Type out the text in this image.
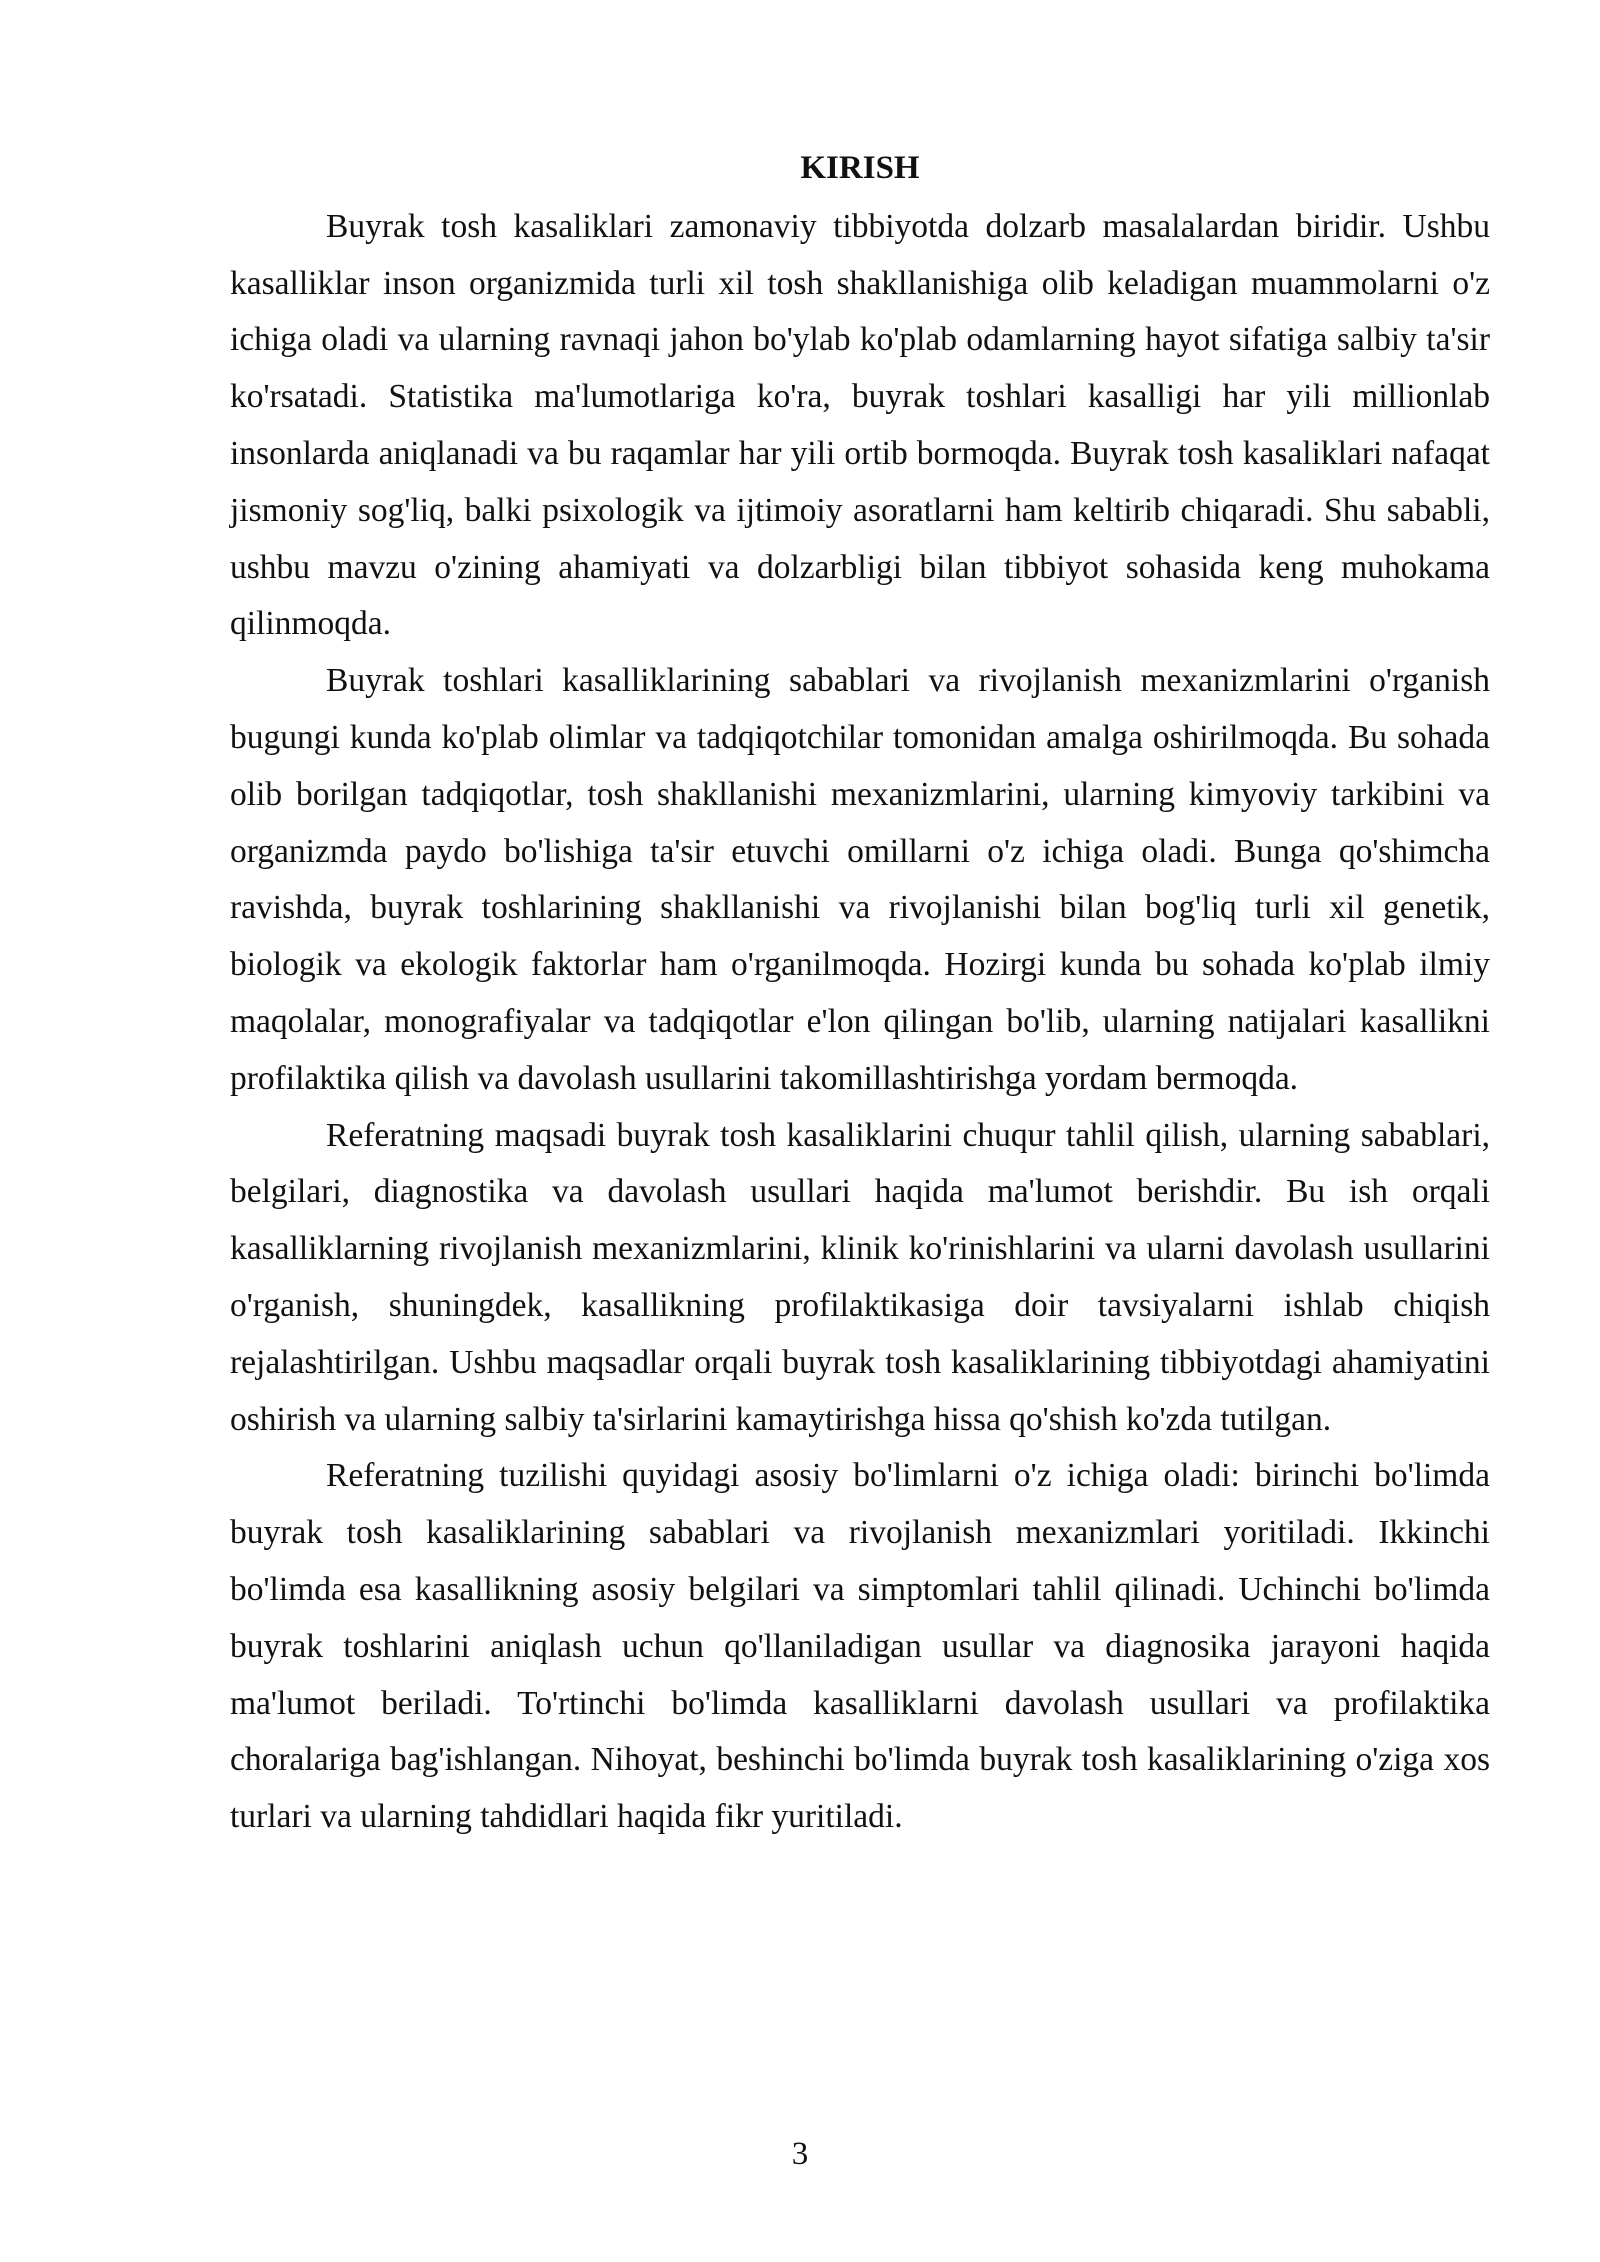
KIRISH

Buyrak tosh kasaliklari zamonaviy tibbiyotda dolzarb masalalardan biridir. Ushbu kasalliklar inson organizmida turli xil tosh shakllanishiga olib keladigan muammolarni o'z ichiga oladi va ularning ravnaqi jahon bo'ylab ko'plab odamlarning hayot sifatiga salbiy ta'sir ko'rsatadi. Statistika ma'lumotlariga ko'ra, buyrak toshlari kasalligi har yili millionlab insonlarda aniqlanadi va bu raqamlar har yili ortib bormoqda. Buyrak tosh kasaliklari nafaqat jismoniy sog'liq, balki psixologik va ijtimoiy asoratlarni ham keltirib chiqaradi. Shu sababli, ushbu mavzu o'zining ahamiyati va dolzarbligi bilan tibbiyot sohasida keng muhokama qilinmoqda.

Buyrak toshlari kasalliklarining sabablari va rivojlanish mexanizmlarini o'rganish bugungi kunda ko'plab olimlar va tadqiqotchilar tomonidan amalga oshirilmoqda. Bu sohada olib borilgan tadqiqotlar, tosh shakllanishi mexanizmlarini, ularning kimyoviy tarkibini va organizmda paydo bo'lishiga ta'sir etuvchi omillarni o'z ichiga oladi. Bunga qo'shimcha ravishda, buyrak toshlarining shakllanishi va rivojlanishi bilan bog'liq turli xil genetik, biologik va ekologik faktorlar ham o'rganilmoqda. Hozirgi kunda bu sohada ko'plab ilmiy maqolalar, monografiyalar va tadqiqotlar e'lon qilingan bo'lib, ularning natijalari kasallikni profilaktika qilish va davolash usullarini takomillashtirishga yordam bermoqda.

Referatning maqsadi buyrak tosh kasaliklarini chuqur tahlil qilish, ularning sabablari, belgilari, diagnostika va davolash usullari haqida ma'lumot berishdir. Bu ish orqali kasalliklarning rivojlanish mexanizmlarini, klinik ko'rinishlarini va ularni davolash usullarini o'rganish, shuningdek, kasallikning profilaktikasiga doir tavsiyalarni ishlab chiqish rejalashtirilgan. Ushbu maqsadlar orqali buyrak tosh kasaliklarining tibbiyotdagi ahamiyatini oshirish va ularning salbiy ta'sirlarini kamaytirishga hissa qo'shish ko'zda tutilgan.

Referatning tuzilishi quyidagi asosiy bo'limlarni o'z ichiga oladi: birinchi bo'limda buyrak tosh kasaliklarining sabablari va rivojlanish mexanizmlari yoritiladi. Ikkinchi bo'limda esa kasallikning asosiy belgilari va simptomlari tahlil qilinadi. Uchinchi bo'limda buyrak toshlarini aniqlash uchun qo'llaniladigan usullar va diagnosika jarayoni haqida ma'lumot beriladi. To'rtinchi bo'limda kasalliklarni davolash usullari va profilaktika choralariga bag'ishlangan. Nihoyat, beshinchi bo'limda buyrak tosh kasaliklarining o'ziga xos turlari va ularning tahdidlari haqida fikr yuritiladi.

3
